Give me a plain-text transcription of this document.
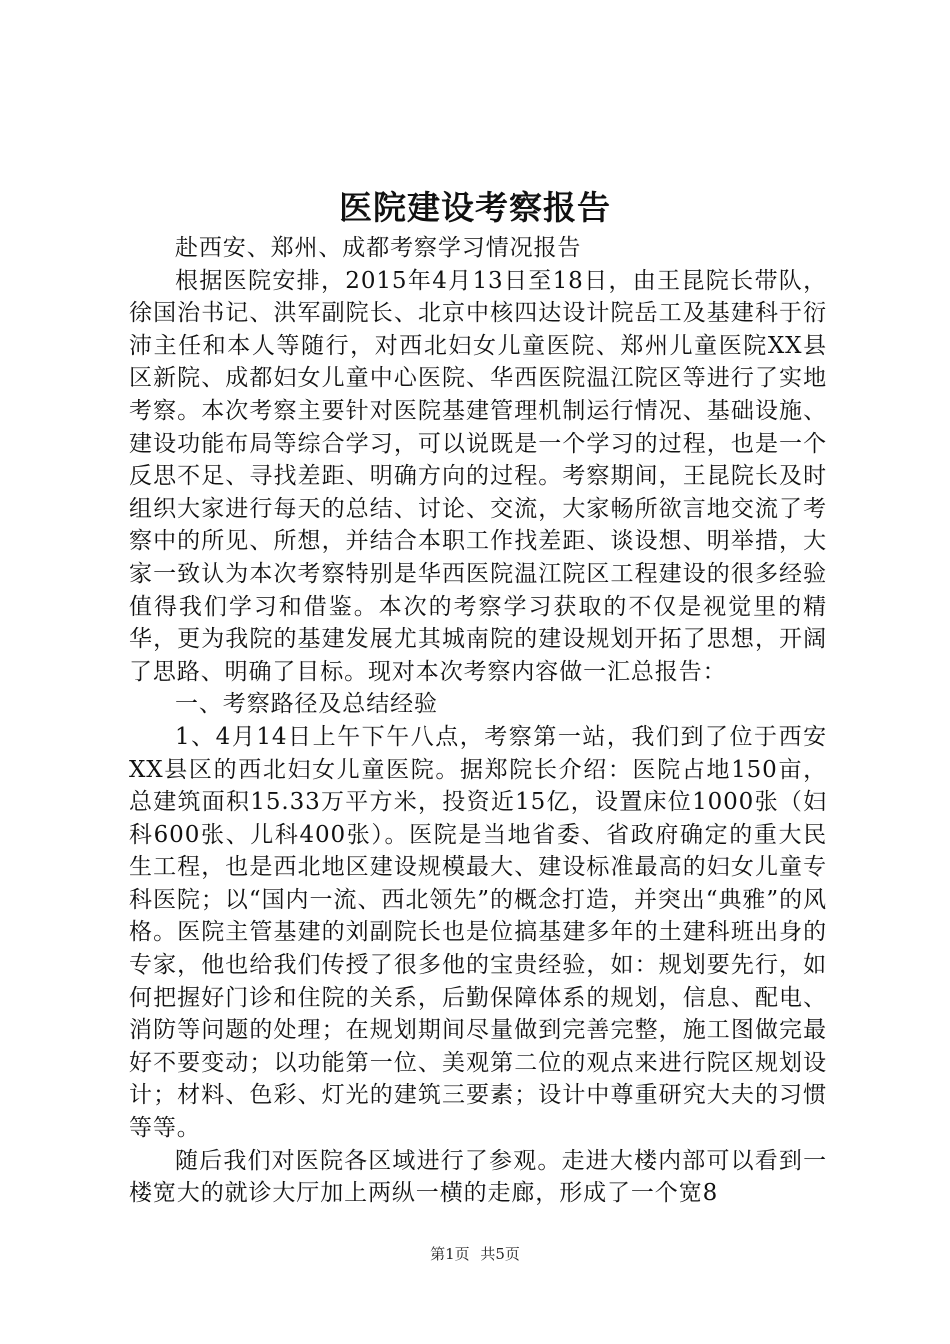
医院建设考察报告

赴西安、郑州、成都考察学习情况报告

根据医院安排，2015年4月13日至18日，由王昆院长带队，徐国治书记、洪军副院长、北京中核四达设计院岳工及基建科于衍沛主任和本人等随行，对西北妇女儿童医院、郑州儿童医院XX县区新院、成都妇女儿童中心医院、华西医院温江院区等进行了实地考察。本次考察主要针对医院基建管理机制运行情况、基础设施、建设功能布局等综合学习，可以说既是一个学习的过程，也是一个反思不足、寻找差距、明确方向的过程。考察期间，王昆院长及时组织大家进行每天的总结、讨论、交流，大家畅所欲言地交流了考察中的所见、所想，并结合本职工作找差距、谈设想、明举措，大家一致认为本次考察特别是华西医院温江院区工程建设的很多经验值得我们学习和借鉴。本次的考察学习获取的不仅是视觉里的精华，更为我院的基建发展尤其城南院的建设规划开拓了思想，开阔了思路、明确了目标。现对本次考察内容做一汇总报告：

一、考察路径及总结经验

1、4月14日上午下午八点，考察第一站，我们到了位于西安XX县区的西北妇女儿童医院。据郑院长介绍：医院占地150亩，总建筑面积15.33万平方米，投资近15亿，设置床位1000张（妇科600张、儿科400张）。医院是当地省委、省政府确定的重大民生工程，也是西北地区建设规模最大、建设标准最高的妇女儿童专科医院；以“国内一流、西北领先”的概念打造，并突出“典雅”的风格。医院主管基建的刘副院长也是位搞基建多年的土建科班出身的专家，他也给我们传授了很多他的宝贵经验，如：规划要先行，如何把握好门诊和住院的关系，后勤保障体系的规划，信息、配电、消防等问题的处理；在规划期间尽量做到完善完整，施工图做完最好不要变动；以功能第一位、美观第二位的观点来进行院区规划设计；材料、色彩、灯光的建筑三要素；设计中尊重研究大夫的习惯等等。

随后我们对医院各区域进行了参观。走进大楼内部可以看到一楼宽大的就诊大厅加上两纵一横的走廊，形成了一个宽8

第1页 共5页
